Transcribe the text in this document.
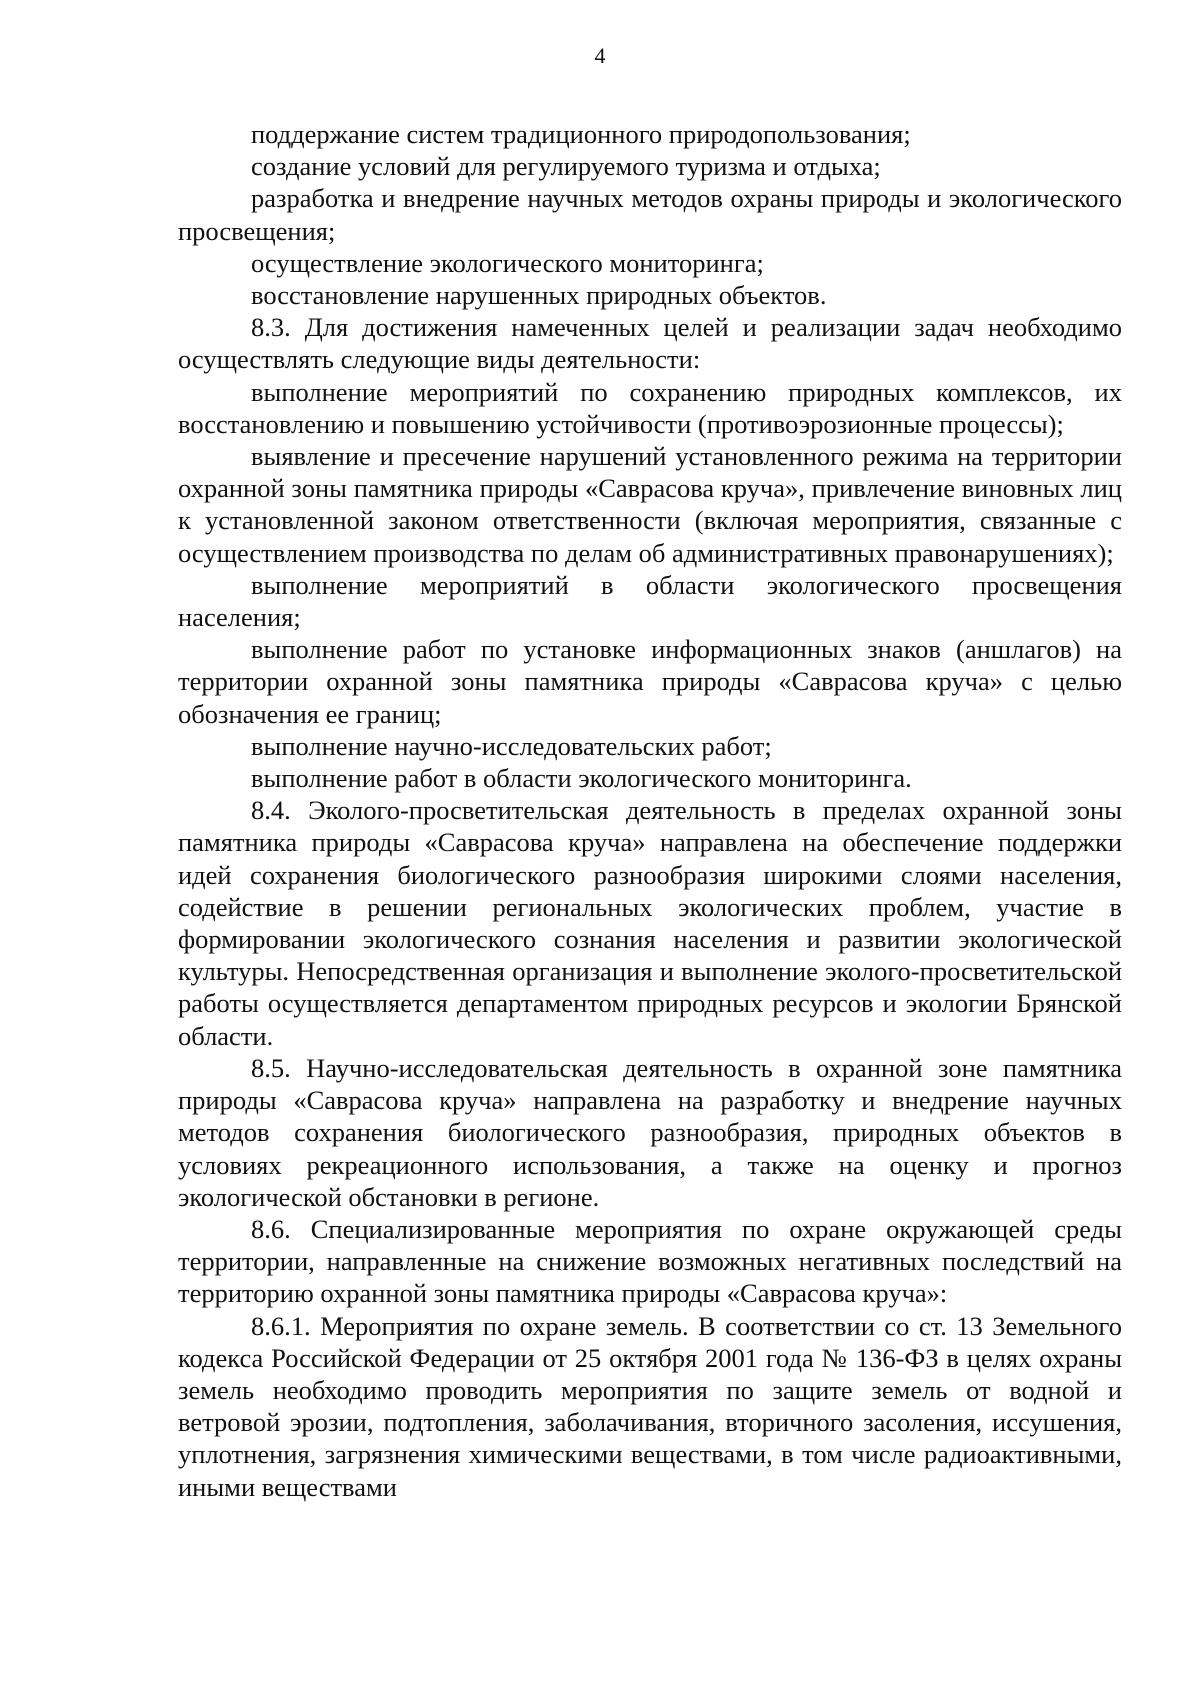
4

поддержание систем традиционного природопользования;

создание условий для регулируемого туризма и отдыха;

разработка и внедрение научных методов охраны природы и экологического просвещения;

осуществление экологического мониторинга;

восстановление нарушенных природных объектов.

8.3. Для достижения намеченных целей и реализации задач необходимо осуществлять следующие виды деятельности:

выполнение мероприятий по сохранению природных комплексов, их восстановлению и повышению устойчивости (противоэрозионные процессы);

выявление и пресечение нарушений установленного режима на территории охранной зоны памятника природы «Саврасова круча», привлечение виновных лиц к установленной законом ответственности (включая мероприятия, связанные с осуществлением производства по делам об административных правонарушениях);

выполнение мероприятий в области экологического просвещения населения;

выполнение работ по установке информационных знаков (аншлагов) на территории охранной зоны памятника природы «Саврасова круча» с целью обозначения ее границ;

выполнение научно-исследовательских работ;

выполнение работ в области экологического мониторинга.

8.4. Эколого-просветительская деятельность в пределах охранной зоны памятника природы «Саврасова круча» направлена на обеспечение поддержки идей сохранения биологического разнообразия широкими слоями населения, содействие в решении региональных экологических проблем, участие в формировании экологического сознания населения и развитии экологической культуры. Непосредственная организация и выполнение эколого-просветительской работы осуществляется департаментом природных ресурсов и экологии Брянской области.

8.5. Научно-исследовательская деятельность в охранной зоне памятника природы «Саврасова круча» направлена на разработку и внедрение научных методов сохранения биологического разнообразия, природных объектов в условиях рекреационного использования, а также на оценку и прогноз экологической обстановки в регионе.

8.6. Специализированные мероприятия по охране окружающей среды территории, направленные на снижение возможных негативных последствий на территорию охранной зоны памятника природы «Саврасова круча»:

8.6.1. Мероприятия по охране земель. В соответствии со ст. 13 Земельного кодекса Российской Федерации от 25 октября 2001 года № 136-ФЗ в целях охраны земель необходимо проводить мероприятия по защите земель от водной и ветровой эрозии, подтопления, заболачивания, вторичного засоления, иссушения, уплотнения, загрязнения химическими веществами, в том числе радиоактивными, иными веществами
